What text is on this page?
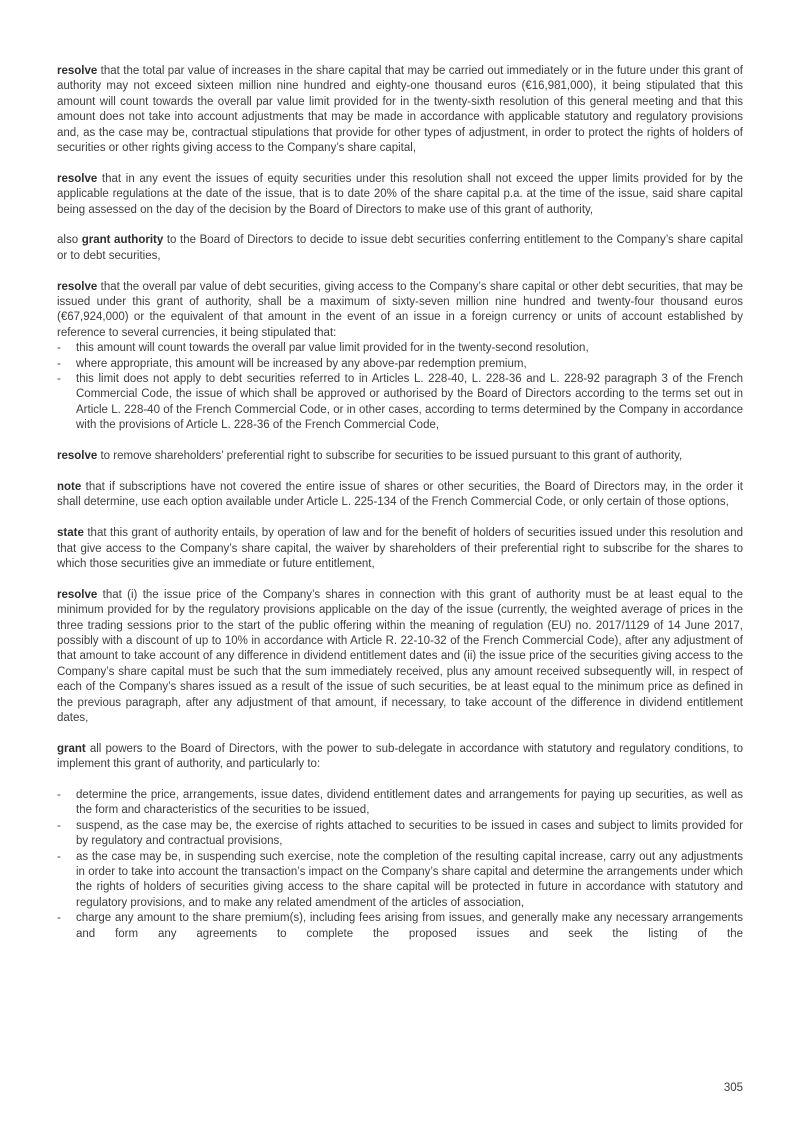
resolve that the total par value of increases in the share capital that may be carried out immediately or in the future under this grant of authority may not exceed sixteen million nine hundred and eighty-one thousand euros (€16,981,000), it being stipulated that this amount will count towards the overall par value limit provided for in the twenty-sixth resolution of this general meeting and that this amount does not take into account adjustments that may be made in accordance with applicable statutory and regulatory provisions and, as the case may be, contractual stipulations that provide for other types of adjustment, in order to protect the rights of holders of securities or other rights giving access to the Company’s share capital,

resolve that in any event the issues of equity securities under this resolution shall not exceed the upper limits provided for by the applicable regulations at the date of the issue, that is to date 20% of the share capital p.a. at the time of the issue, said share capital being assessed on the day of the decision by the Board of Directors to make use of this grant of authority,

also grant authority to the Board of Directors to decide to issue debt securities conferring entitlement to the Company’s share capital or to debt securities,

resolve that the overall par value of debt securities, giving access to the Company’s share capital or other debt securities, that may be issued under this grant of authority, shall be a maximum of sixty-seven million nine hundred and twenty-four thousand euros (€67,924,000) or the equivalent of that amount in the event of an issue in a foreign currency or units of account established by reference to several currencies, it being stipulated that:

-	this amount will count towards the overall par value limit provided for in the twenty-second resolution,
-	where appropriate, this amount will be increased by any above-par redemption premium,
-	this limit does not apply to debt securities referred to in Articles L. 228-40, L. 228-36 and L. 228-92 paragraph 3 of the French Commercial Code, the issue of which shall be approved or authorised by the Board of Directors according to the terms set out in Article L. 228-40 of the French Commercial Code, or in other cases, according to terms determined by the Company in accordance with the provisions of Article L. 228-36 of the French Commercial Code,

resolve to remove shareholders’ preferential right to subscribe for securities to be issued pursuant to this grant of authority,

note that if subscriptions have not covered the entire issue of shares or other securities, the Board of Directors may, in the order it shall determine, use each option available under Article L. 225-134 of the French Commercial Code, or only certain of those options,

state that this grant of authority entails, by operation of law and for the benefit of holders of securities issued under this resolution and that give access to the Company’s share capital, the waiver by shareholders of their preferential right to subscribe for the shares to which those securities give an immediate or future entitlement,

resolve that (i) the issue price of the Company’s shares in connection with this grant of authority must be at least equal to the minimum provided for by the regulatory provisions applicable on the day of the issue (currently, the weighted average of prices in the three trading sessions prior to the start of the public offering within the meaning of regulation (EU) no. 2017/1129 of 14 June 2017, possibly with a discount of up to 10% in accordance with Article R. 22-10-32 of the French Commercial Code), after any adjustment of that amount to take account of any difference in dividend entitlement dates and (ii) the issue price of the securities giving access to the Company’s share capital must be such that the sum immediately received, plus any amount received subsequently will, in respect of each of the Company’s shares issued as a result of the issue of such securities, be at least equal to the minimum price as defined in the previous paragraph, after any adjustment of that amount, if necessary, to take account of the difference in dividend entitlement dates,

grant all powers to the Board of Directors, with the power to sub-delegate in accordance with statutory and regulatory conditions, to implement this grant of authority, and particularly to:

-	determine the price, arrangements, issue dates, dividend entitlement dates and arrangements for paying up securities, as well as the form and characteristics of the securities to be issued,
-	suspend, as the case may be, the exercise of rights attached to securities to be issued in cases and subject to limits provided for by regulatory and contractual provisions,
-	as the case may be, in suspending such exercise, note the completion of the resulting capital increase, carry out any adjustments in order to take into account the transaction’s impact on the Company’s share capital and determine the arrangements under which the rights of holders of securities giving access to the share capital will be protected in future in accordance with statutory and regulatory provisions, and to make any related amendment of the articles of association,
-	charge any amount to the share premium(s), including fees arising from issues, and generally make any necessary arrangements and form any agreements to complete the proposed issues and seek the listing of the
305
